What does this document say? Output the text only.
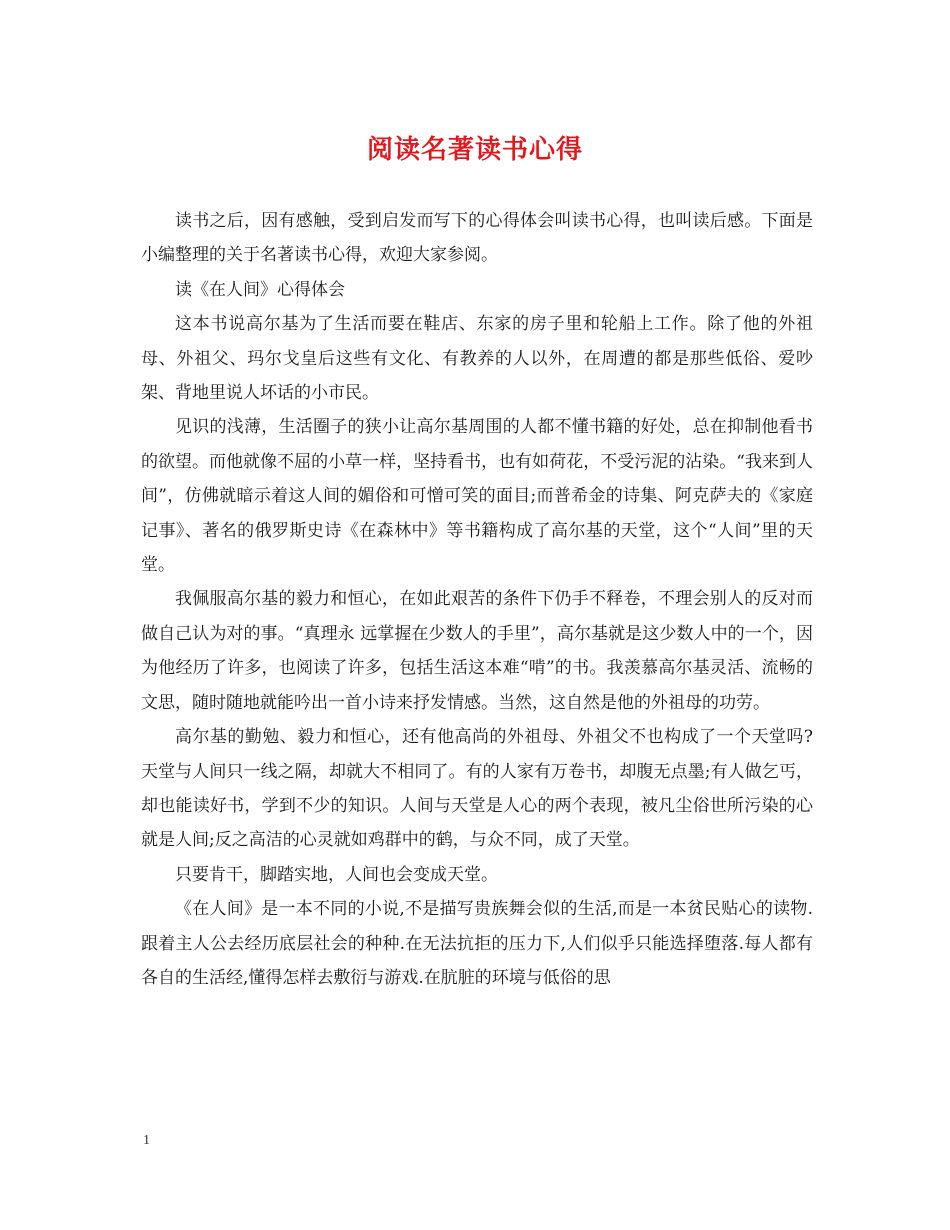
阅读名著读书心得

读书之后，因有感触，受到启发而写下的心得体会叫读书心得，也叫读后感。下面是小编整理的关于名著读书心得，欢迎大家参阅。

读《在人间》心得体会

这本书说高尔基为了生活而要在鞋店、东家的房子里和轮船上工作。除了他的外祖母、外祖父、玛尔戈皇后这些有文化、有教养的人以外，在周遭的都是那些低俗、爱吵架、背地里说人坏话的小市民。

见识的浅薄，生活圈子的狭小让高尔基周围的人都不懂书籍的好处，总在抑制他看书的欲望。而他就像不屈的小草一样，坚持看书，也有如荷花，不受污泥的沾染。“我来到人间”，仿佛就暗示着这人间的媚俗和可憎可笑的面目;而普希金的诗集、阿克萨夫的《家庭记事》、著名的俄罗斯史诗《在森林中》等书籍构成了高尔基的天堂，这个“人间”里的天堂。

我佩服高尔基的毅力和恒心，在如此艰苦的条件下仍手不释卷，不理会别人的反对而做自己认为对的事。“真理永 远掌握在少数人的手里”，高尔基就是这少数人中的一个，因为他经历了许多，也阅读了许多，包括生活这本难“啃”的书。我羡慕高尔基灵活、流畅的文思，随时随地就能吟出一首小诗来抒发情感。当然，这自然是他的外祖母的功劳。

高尔基的勤勉、毅力和恒心，还有他高尚的外祖母、外祖父不也构成了一个天堂吗?天堂与人间只一线之隔，却就大不相同了。有的人家有万卷书，却腹无点墨;有人做乞丐，却也能读好书，学到不少的知识。人间与天堂是人心的两个表现，被凡尘俗世所污染的心就是人间;反之高洁的心灵就如鸡群中的鹤，与众不同，成了天堂。

只要肯干，脚踏实地，人间也会变成天堂。

《在人间》是一本不同的小说,不是描写贵族舞会似的生活,而是一本贫民贴心的读物.跟着主人公去经历底层社会的种种.在无法抗拒的压力下,人们似乎只能选择堕落.每人都有各自的生活经,懂得怎样去敷衍与游戏.在肮脏的环境与低俗的思

1
